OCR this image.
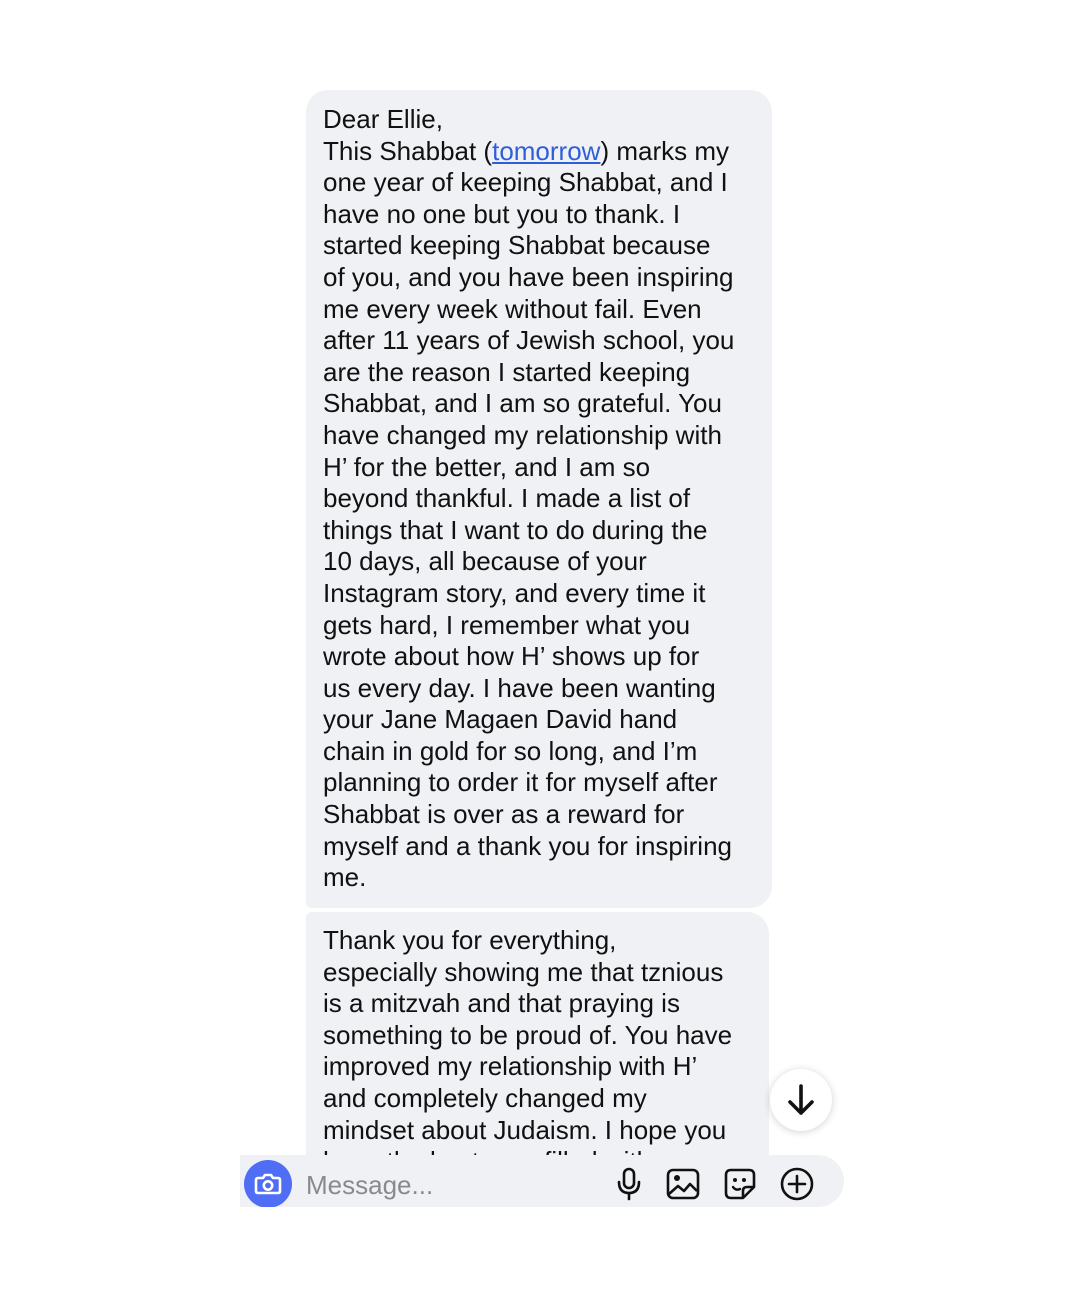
Dear Ellie,
This Shabbat (tomorrow) marks my
one year of keeping Shabbat, and I
have no one but you to thank. I
started keeping Shabbat because
of you, and you have been inspiring
me every week without fail. Even
after 11 years of Jewish school, you
are the reason I started keeping
Shabbat, and I am so grateful. You
have changed my relationship with
H’ for the better, and I am so
beyond thankful. I made a list of
things that I want to do during the
10 days, all because of your
Instagram story, and every time it
gets hard, I remember what you
wrote about how H’ shows up for
us every day. I have been wanting
your Jane Magaen David hand
chain in gold for so long, and I’m
planning to order it for myself after
Shabbat is over as a reward for
myself and a thank you for inspiring
me.
Thank you for everything,
especially showing me that tznious
is a mitzvah and that praying is
something to be proud of. You have
improved my relationship with H’
and completely changed my
mindset about Judaism. I hope you
Message...
